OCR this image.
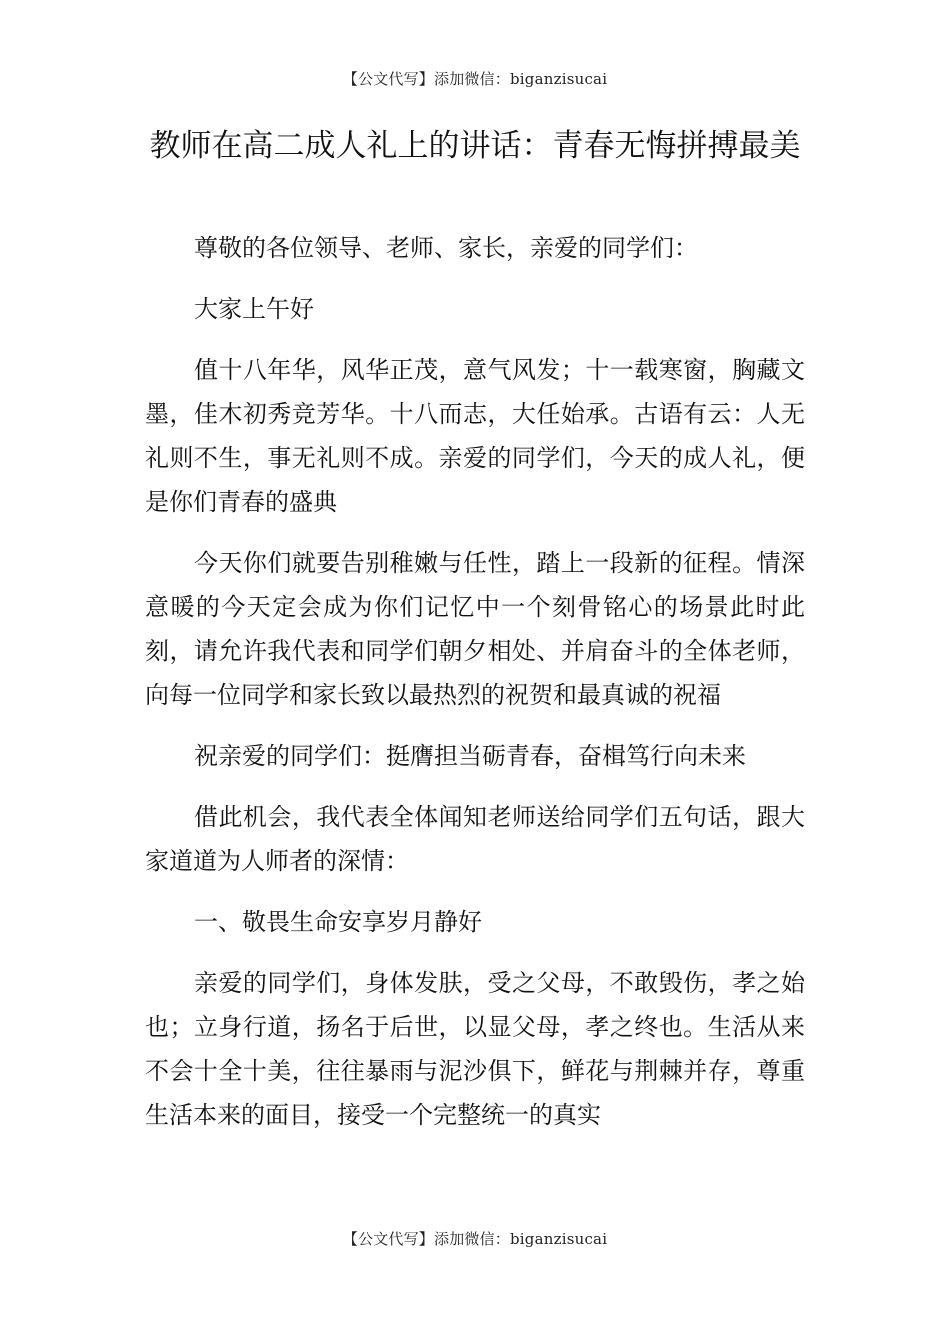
【公文代写】添加微信：biganzisucai
教师在高二成人礼上的讲话：青春无悔拼搏最美

尊敬的各位领导、老师、家长，亲爱的同学们：

大家上午好

值十八年华，风华正茂，意气风发；十一载寒窗，胸藏文墨，佳木初秀竞芳华。十八而志，大任始承。古语有云：人无礼则不生，事无礼则不成。亲爱的同学们，今天的成人礼，便是你们青春的盛典

今天你们就要告别稚嫩与任性，踏上一段新的征程。情深意暖的今天定会成为你们记忆中一个刻骨铭心的场景此时此刻，请允许我代表和同学们朝夕相处、并肩奋斗的全体老师，向每一位同学和家长致以最热烈的祝贺和最真诚的祝福

祝亲爱的同学们：挺膺担当砺青春，奋楫笃行向未来

借此机会，我代表全体闻知老师送给同学们五句话，跟大家道道为人师者的深情：

一、敬畏生命安享岁月静好

亲爱的同学们，身体发肤，受之父母，不敢毁伤，孝之始也；立身行道，扬名于后世，以显父母，孝之终也。生活从来不会十全十美，往往暴雨与泥沙俱下，鲜花与荆棘并存，尊重生活本来的面目，接受一个完整统一的真实

【公文代写】添加微信：biganzisucai
